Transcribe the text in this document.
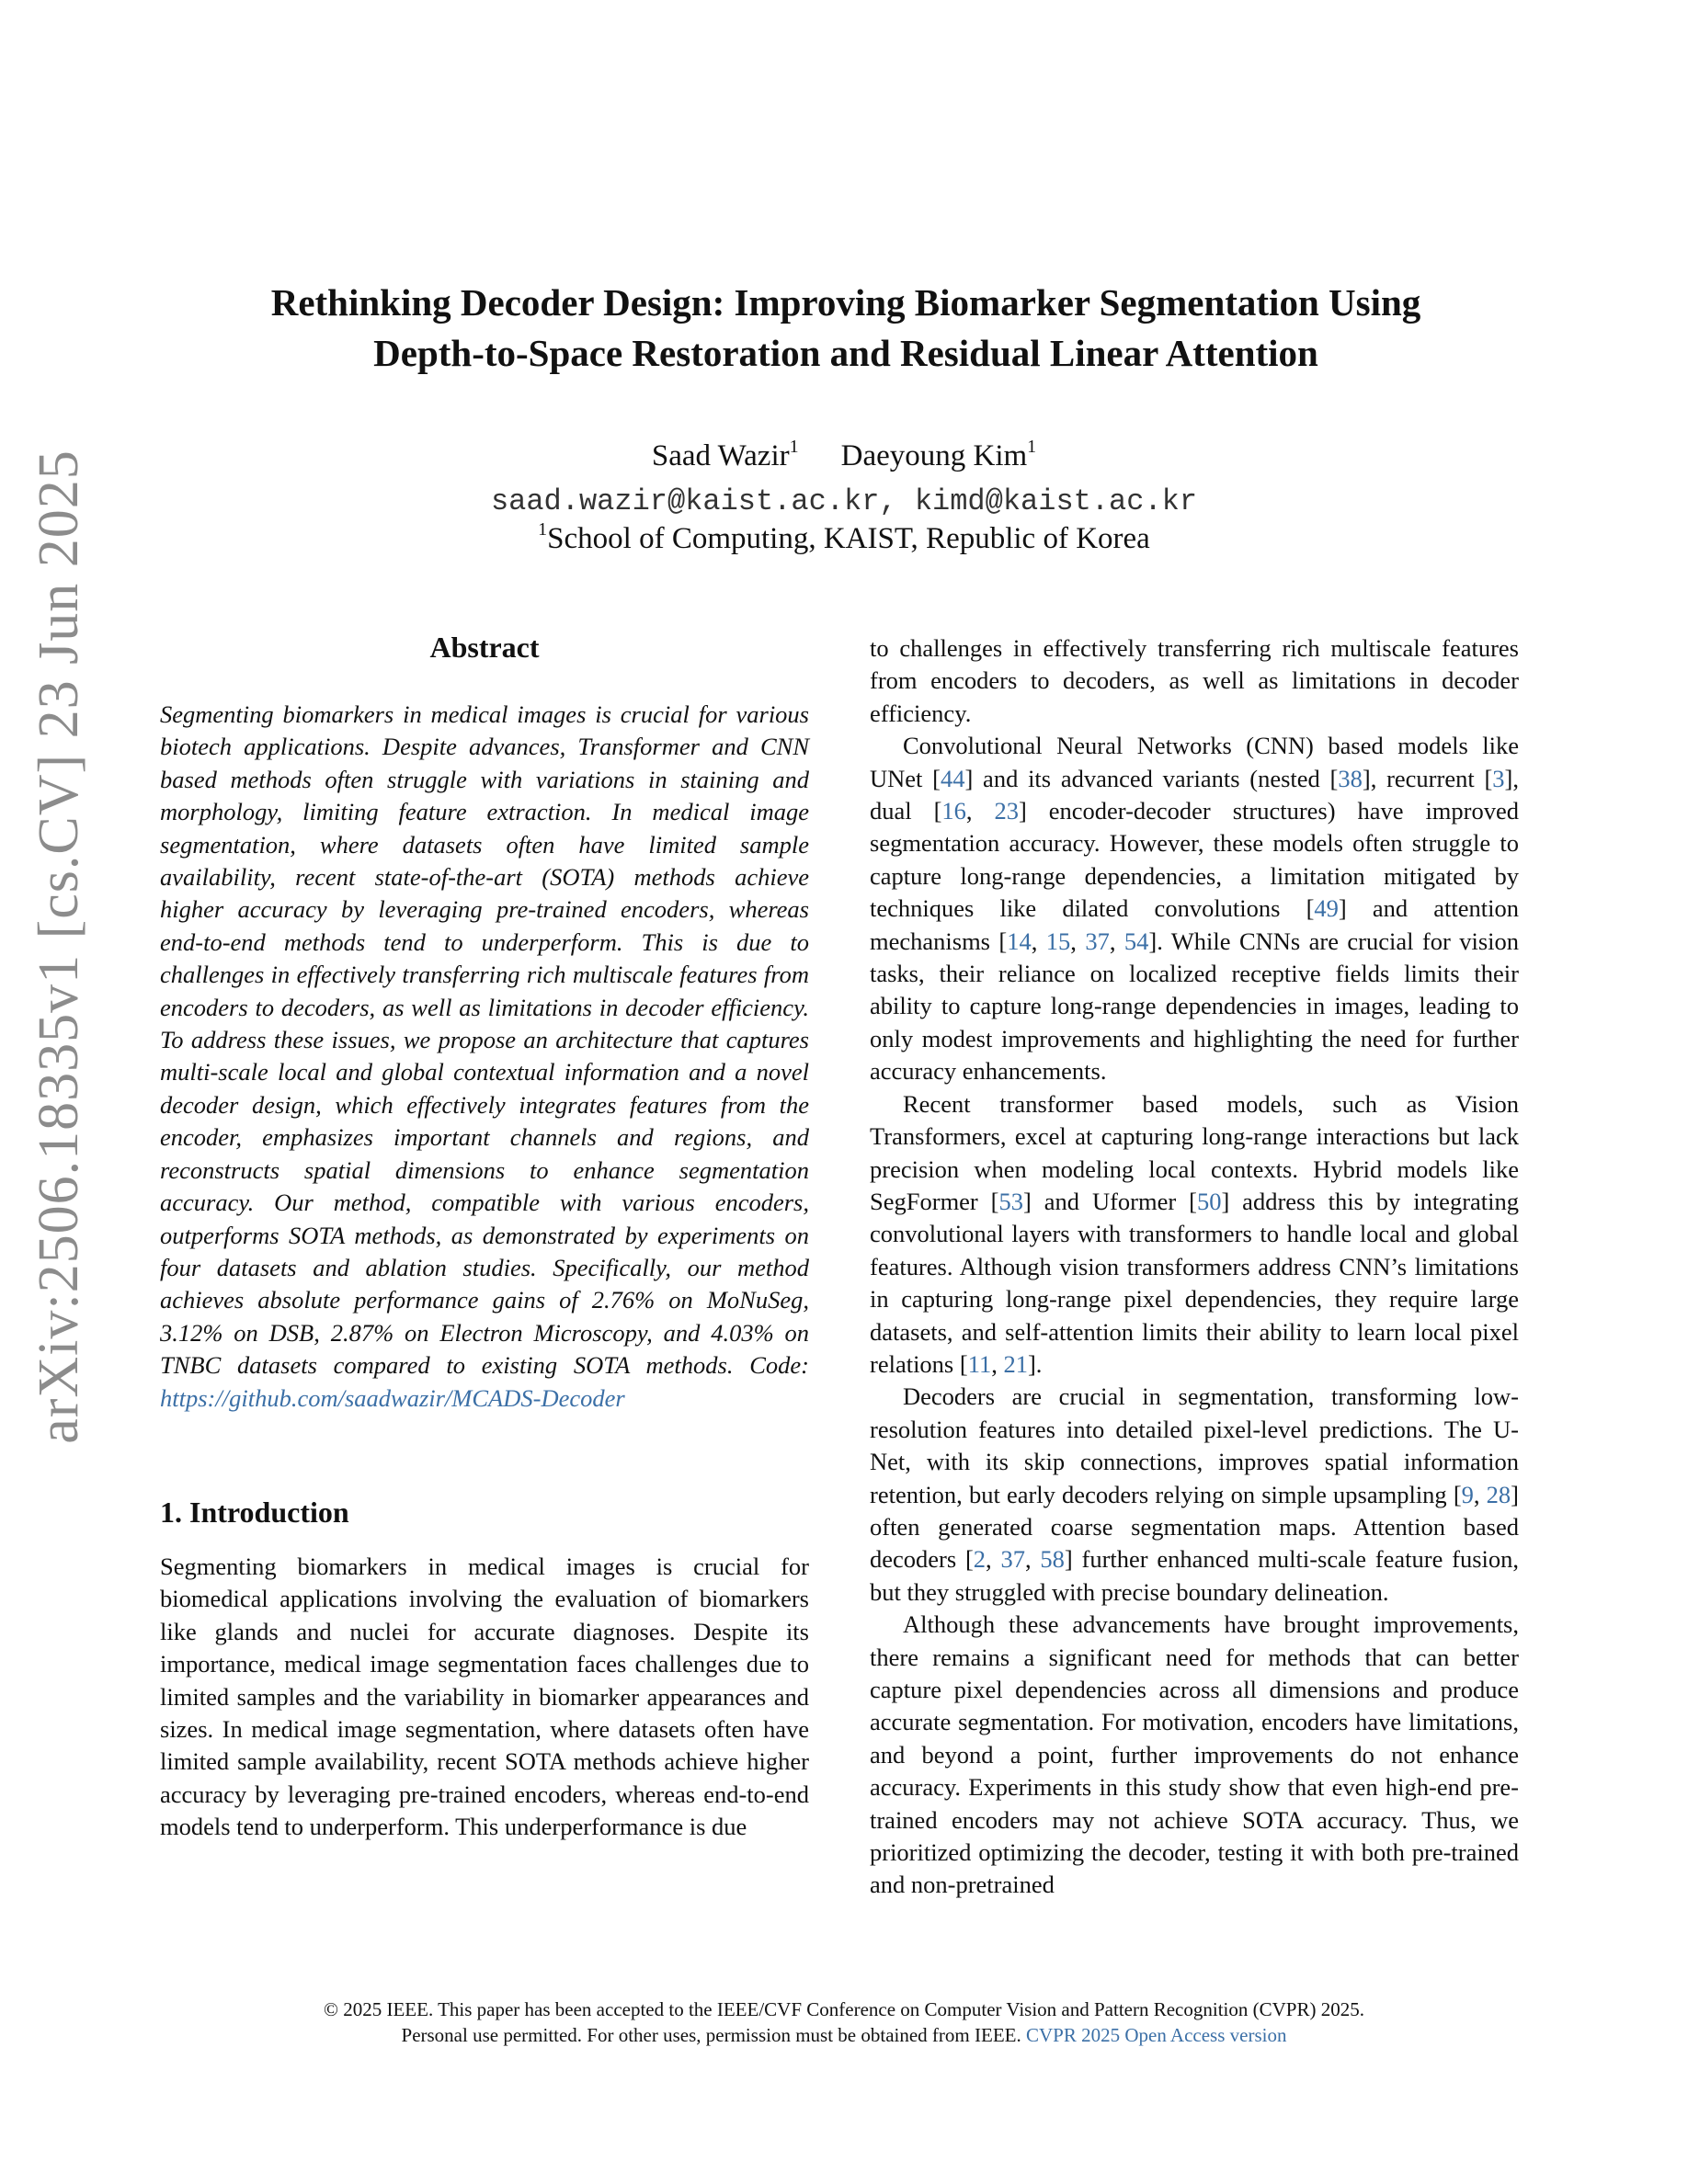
arXiv:2506.18335v1 [cs.CV] 23 Jun 2025
Rethinking Decoder Design: Improving Biomarker Segmentation Using
Depth-to-Space Restoration and Residual Linear Attention
Saad Wazir$^1$ Daeyoung Kim$^1$
saad.wazir@kaist.ac.kr, kimd@kaist.ac.kr
$^1$School of Computing, KAIST, Republic of Korea
Abstract

Segmenting biomarkers in medical images is crucial for various biotech applications. Despite advances, Transformer and CNN based methods often struggle with variations in staining and morphology, limiting feature extraction. In medical image segmentation, where datasets often have limited sample availability, recent state-of-the-art (SOTA) methods achieve higher accuracy by leveraging pre-trained encoders, whereas end-to-end methods tend to underperform. This is due to challenges in effectively transferring rich multiscale features from encoders to decoders, as well as limitations in decoder efficiency. To address these issues, we propose an architecture that captures multi-scale local and global contextual information and a novel decoder design, which effectively integrates features from the encoder, emphasizes important channels and regions, and reconstructs spatial dimensions to enhance segmentation accuracy. Our method, compatible with various encoders, outperforms SOTA methods, as demonstrated by experiments on four datasets and ablation studies. Specifically, our method achieves absolute performance gains of 2.76% on MoNuSeg, 3.12% on DSB, 2.87% on Electron Microscopy, and 4.03% on TNBC datasets compared to existing SOTA methods. Code: https://github.com/saadwazir/MCADS-Decoder

1. Introduction

Segmenting biomarkers in medical images is crucial for biomedical applications involving the evaluation of biomarkers like glands and nuclei for accurate diagnoses. Despite its importance, medical image segmentation faces challenges due to limited samples and the variability in biomarker appearances and sizes. In medical image segmentation, where datasets often have limited sample availability, recent SOTA methods achieve higher accuracy by leveraging pre-trained encoders, whereas end-to-end models tend to underperform. This underperformance is due

to challenges in effectively transferring rich multiscale features from encoders to decoders, as well as limitations in decoder efficiency.

Convolutional Neural Networks (CNN) based models like UNet [44] and its advanced variants (nested [38], recurrent [3], dual [16, 23] encoder-decoder structures) have improved segmentation accuracy. However, these models often struggle to capture long-range dependencies, a limitation mitigated by techniques like dilated convolutions [49] and attention mechanisms [14, 15, 37, 54]. While CNNs are crucial for vision tasks, their reliance on localized receptive fields limits their ability to capture long-range dependencies in images, leading to only modest improvements and highlighting the need for further accuracy enhancements.

Recent transformer based models, such as Vision Transformers, excel at capturing long-range interactions but lack precision when modeling local contexts. Hybrid models like SegFormer [53] and Uformer [50] address this by integrating convolutional layers with transformers to handle local and global features. Although vision transformers address CNN’s limitations in capturing long-range pixel dependencies, they require large datasets, and self-attention limits their ability to learn local pixel relations [11, 21].

Decoders are crucial in segmentation, transforming low-resolution features into detailed pixel-level predictions. The U-Net, with its skip connections, improves spatial information retention, but early decoders relying on simple upsampling [9, 28] often generated coarse segmentation maps. Attention based decoders [2, 37, 58] further enhanced multi-scale feature fusion, but they struggled with precise boundary delineation.

Although these advancements have brought improvements, there remains a significant need for methods that can better capture pixel dependencies across all dimensions and produce accurate segmentation. For motivation, encoders have limitations, and beyond a point, further improvements do not enhance accuracy. Experiments in this study show that even high-end pre-trained encoders may not achieve SOTA accuracy. Thus, we prioritized optimizing the decoder, testing it with both pre-trained and non-pretrained

© 2025 IEEE. This paper has been accepted to the IEEE/CVF Conference on Computer Vision and Pattern Recognition (CVPR) 2025.
Personal use permitted. For other uses, permission must be obtained from IEEE. CVPR 2025 Open Access version
